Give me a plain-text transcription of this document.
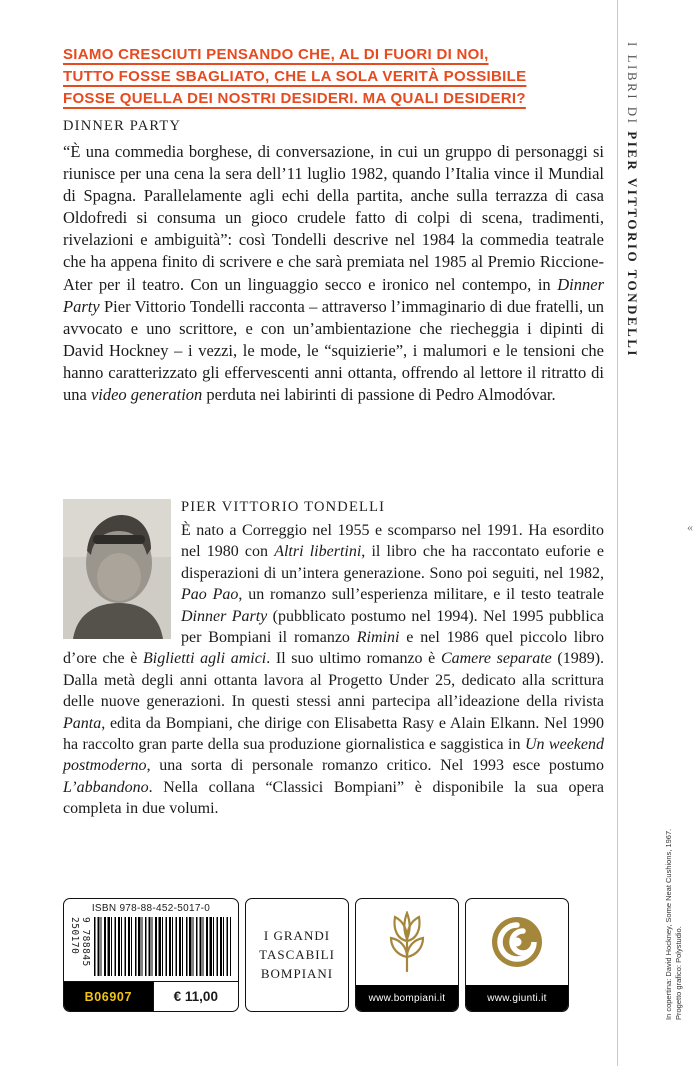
SIAMO CRESCIUTI PENSANDO CHE, AL DI FUORI DI NOI,
TUTTO FOSSE SBAGLIATO, CHE LA SOLA VERITÀ POSSIBILE
FOSSE QUELLA DEI NOSTRI DESIDERI. MA QUALI DESIDERI?
DINNER PARTY

“È una commedia borghese, di conversazione, in cui un gruppo di personaggi si riunisce per una cena la sera dell’11 luglio 1982, quando l’Italia vince il Mundial di Spagna. Parallelamente agli echi della partita, anche sulla terrazza di casa Oldofredi si consuma un gioco crudele fatto di colpi di scena, tradimenti, rivelazioni e ambiguità”: così Tondelli descrive nel 1984 la commedia teatrale che ha appena finito di scrivere e che sarà premiata nel 1985 al Premio Riccione-Ater per il teatro. Con un linguaggio secco e ironico nel contempo, in Dinner Party Pier Vittorio Tondelli racconta – attraverso l’immaginario di due fratelli, un avvocato e uno scrittore, e con un’ambientazione che riecheggia i dipinti di David Hockney – i vezzi, le mode, le “squizierie”, i malumori e le tensioni che hanno caratterizzato gli effervescenti anni ottanta, offrendo al lettore il ritratto di una video generation perduta nei labirinti di passione di Pedro Almodóvar.

PIER VITTORIO TONDELLI

È nato a Correggio nel 1955 e scomparso nel 1991. Ha esordito nel 1980 con Altri libertini, il libro che ha raccontato euforie e disperazioni di un’intera generazione. Sono poi seguiti, nel 1982, Pao Pao, un romanzo sull’esperienza militare, e il testo teatrale Dinner Party (pubblicato postumo nel 1994). Nel 1995 pubblica per Bompiani il romanzo Rimini e nel 1986 quel piccolo libro d’ore che è Biglietti agli amici. Il suo ultimo romanzo è Camere separate (1989). Dalla metà degli anni ottanta lavora al Progetto Under 25, dedicato alla scrittura delle nuove generazioni. In questi stessi anni partecipa all’ideazione della rivista Panta, edita da Bompiani, che dirige con Elisabetta Rasy e Alain Elkann. Nel 1990 ha raccolto gran parte della sua produzione giornalistica e saggistica in Un weekend postmoderno, una sorta di personale romanzo critico. Nel 1993 esce postumo L’abbandono. Nella collana “Classici Bompiani” è disponibile la sua opera completa in due volumi.

ISBN 978-88-452-5017-0
9 788845 250170
B06907	€ 11,00
I GRANDI
TASCABILI
BOMPIANI
www.bompiani.it	www.giunti.it
I LIBRI DI PIER VITTORIO TONDELLI
«
In copertina: David Hockney, Some Neat Cushions, 1967. Progetto grafico: Polystudio.
